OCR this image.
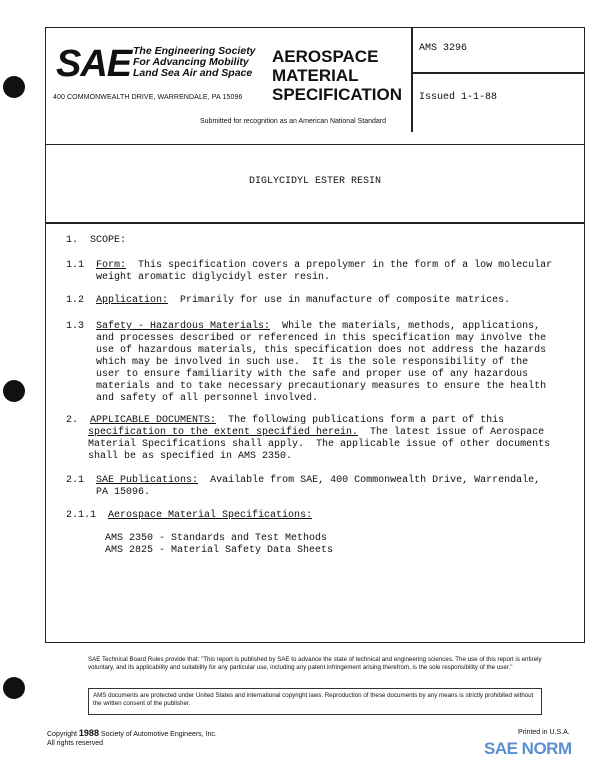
SAE The Engineering Society
For Advancing Mobility
Land Sea Air and Space
400 COMMONWEALTH DRIVE, WARRENDALE, PA 15096
AEROSPACE
MATERIAL
SPECIFICATION
AMS 3296
Issued 1-1-88
Submitted for recognition as an American National Standard
DIGLYCIDYL ESTER RESIN
1.  SCOPE:
1.1 Form:  This specification covers a prepolymer in the form of a low molecular
weight aromatic diglycidyl ester resin.
1.2 Application:  Primarily for use in manufacture of composite matrices.
1.3 Safety - Hazardous Materials:  While the materials, methods, applications,
and processes described or referenced in this specification may involve the
use of hazardous materials, this specification does not address the hazards
which may be involved in such use.  It is the sole responsibility of the
user to ensure familiarity with the safe and proper use of any hazardous
materials and to take necessary precautionary measures to ensure the health
and safety of all personnel involved.
2. APPLICABLE DOCUMENTS:  The following publications form a part of this
specification to the extent specified herein.  The latest issue of Aerospace
Material Specifications shall apply.  The applicable issue of other documents
shall be as specified in AMS 2350.
2.1 SAE Publications:  Available from SAE, 400 Commonwealth Drive, Warrendale,
PA 15096.
2.1.1 Aerospace Material Specifications:
AMS 2350 - Standards and Test Methods
AMS 2825 - Material Safety Data Sheets
SAE Technical Board Rules provide that: "This report is published by SAE to advance the state of technical and engineering sciences. The use of this report is entirely voluntary, and its applicability and suitability for any particular use, including any patent infringement arising therefrom, is the sole responsibility of the user."
AMS documents are protected under United States and international copyright laws. Reproduction of these documents by any means is strictly prohibited without the written consent of the publisher.
Copyright 1988 Society of Automotive Engineers, Inc.
All rights reserved
Printed in U.S.A.
SAE NORM
